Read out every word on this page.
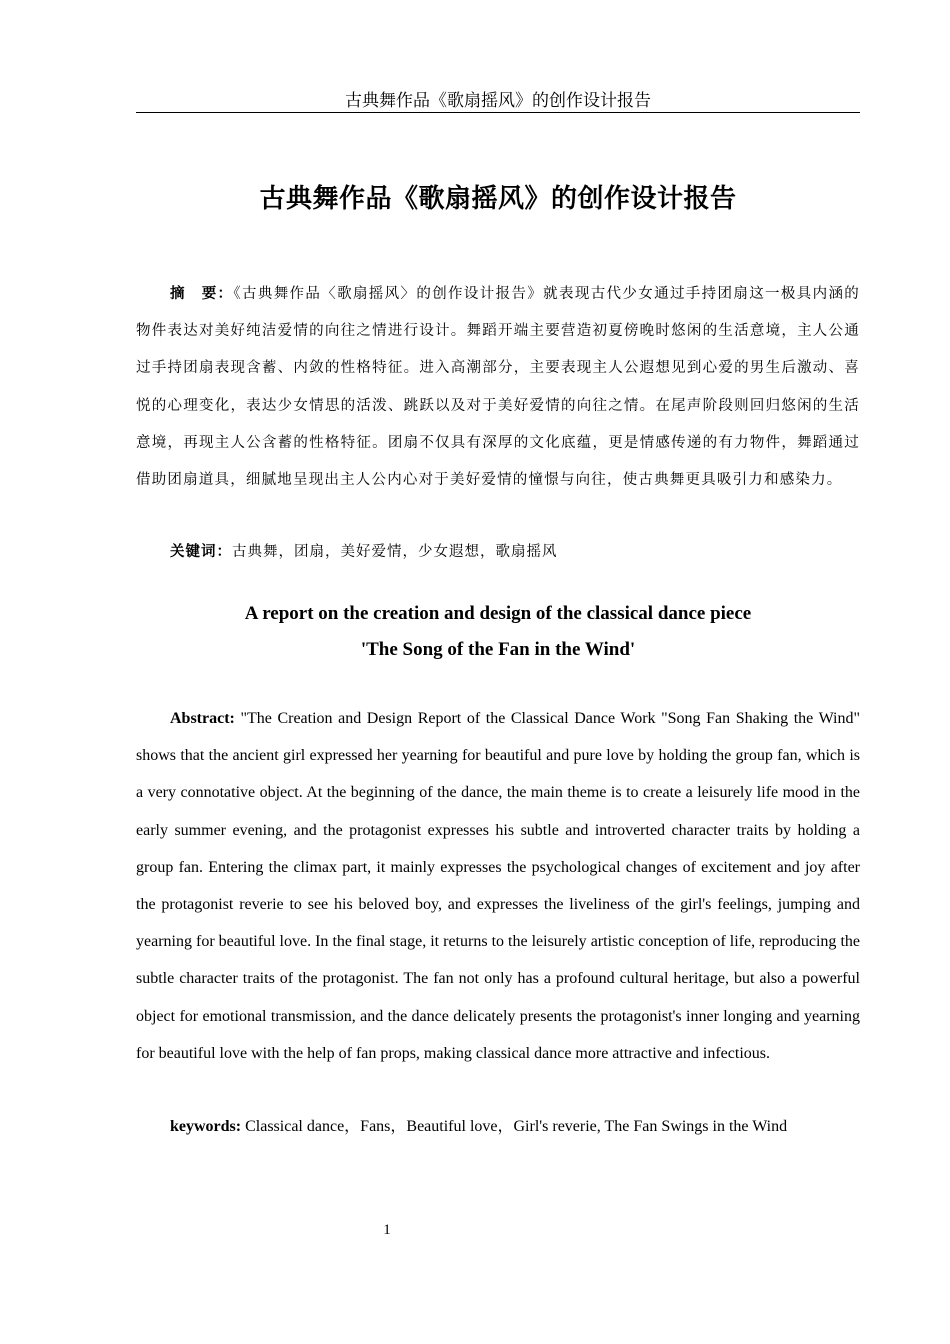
古典舞作品《歌扇摇风》的创作设计报告
古典舞作品《歌扇摇风》的创作设计报告

摘　要：《古典舞作品〈歌扇摇风〉的创作设计报告》就表现古代少女通过手持团扇这一极具内涵的物件表达对美好纯洁爱情的向往之情进行设计。舞蹈开端主要营造初夏傍晚时悠闲的生活意境，主人公通过手持团扇表现含蓄、内敛的性格特征。进入高潮部分，主要表现主人公遐想见到心爱的男生后激动、喜悦的心理变化，表达少女情思的活泼、跳跃以及对于美好爱情的向往之情。在尾声阶段则回归悠闲的生活意境，再现主人公含蓄的性格特征。团扇不仅具有深厚的文化底蕴，更是情感传递的有力物件，舞蹈通过借助团扇道具，细腻地呈现出主人公内心对于美好爱情的憧憬与向往，使古典舞更具吸引力和感染力。

关键词：古典舞，团扇，美好爱情，少女遐想，歌扇摇风

A report on the creation and design of the classical dance piece
'The Song of the Fan in the Wind'

Abstract: "The Creation and Design Report of the Classical Dance Work "Song Fan Shaking the Wind" shows that the ancient girl expressed her yearning for beautiful and pure love by holding the group fan, which is a very connotative object. At the beginning of the dance, the main theme is to create a leisurely life mood in the early summer evening, and the protagonist expresses his subtle and introverted character traits by holding a group fan. Entering the climax part, it mainly expresses the psychological changes of excitement and joy after the protagonist reverie to see his beloved boy, and expresses the liveliness of the girl's feelings, jumping and yearning for beautiful love. In the final stage, it returns to the leisurely artistic conception of life, reproducing the subtle character traits of the protagonist. The fan not only has a profound cultural heritage, but also a powerful object for emotional transmission, and the dance delicately presents the protagonist's inner longing and yearning for beautiful love with the help of fan props, making classical dance more attractive and infectious.

keywords: Classical dance，Fans，Beautiful love，Girl's reverie, The Fan Swings in the Wind

1
